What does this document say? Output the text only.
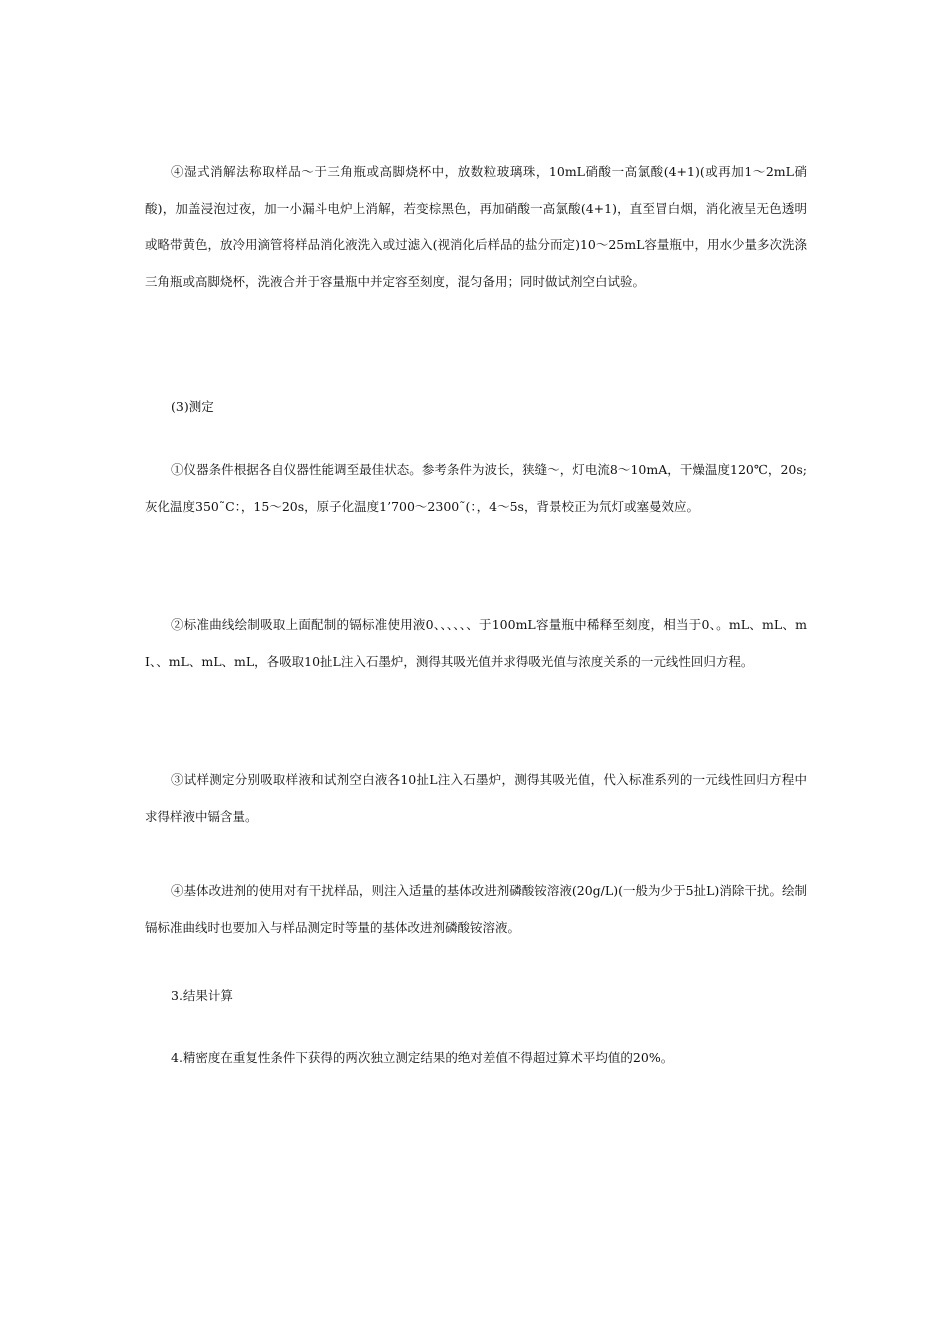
④湿式消解法称取样品～于三角瓶或高脚烧杯中，放数粒玻璃珠，10mL硝酸一高氯酸(4+1)(或再加1～2mL硝酸)，加盖浸泡过夜，加一小漏斗电炉上消解，若变棕黑色，再加硝酸一高氯酸(4+1)，直至冒白烟，消化液呈无色透明或略带黄色，放冷用滴管将样品消化液洗入或过滤入(视消化后样品的盐分而定)10～25mL容量瓶中，用水少量多次洗涤三角瓶或高脚烧杯，洗液合并于容量瓶中并定容至刻度，混匀备用；同时做试剂空白试验。

(3)测定

①仪器条件根据各自仪器性能调至最佳状态。参考条件为波长，狭缝～，灯电流8～10mA，干燥温度120℃，20s;灰化温度350˜C：，15～20s，原子化温度1’700～2300˜(：，4～5s，背景校正为氘灯或塞曼效应。

②标准曲线绘制吸取上面配制的镉标准使用液0、、、、、、于100mL容量瓶中稀释至刻度，相当于0、。mL、mL、mI、、mL、mL、mL，各吸取10扯L注入石墨炉，测得其吸光值并求得吸光值与浓度关系的一元线性回归方程。

③试样测定分别吸取样液和试剂空白液各10扯L注入石墨炉，测得其吸光值，代入标准系列的一元线性回归方程中求得样液中镉含量。

④基体改进剂的使用对有干扰样品，则注入适量的基体改进剂磷酸铵溶液(20g/L)(一般为少于5扯L)消除干扰。绘制镉标准曲线时也要加入与样品测定时等量的基体改进剂磷酸铵溶液。

3.结果计算

4.精密度在重复性条件下获得的两次独立测定结果的绝对差值不得超过算术平均值的20%。
